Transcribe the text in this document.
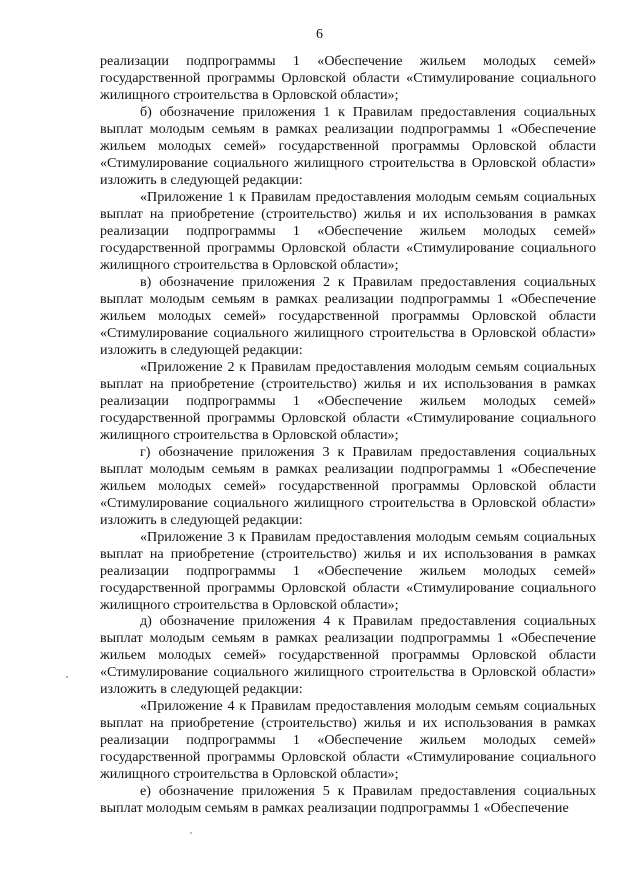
6

реализации подпрограммы 1 «Обеспечение жильем молодых семей» государственной программы Орловской области «Стимулирование социального жилищного строительства в Орловской области»;

б) обозначение приложения 1 к Правилам предоставления социальных выплат молодым семьям в рамках реализации подпрограммы 1 «Обеспечение жильем молодых семей» государственной программы Орловской области «Стимулирование социального жилищного строительства в Орловской области» изложить в следующей редакции:

«Приложение 1 к Правилам предоставления молодым семьям социальных выплат на приобретение (строительство) жилья и их использования в рамках реализации подпрограммы 1 «Обеспечение жильем молодых семей» государственной программы Орловской области «Стимулирование социального жилищного строительства в Орловской области»;

в) обозначение приложения 2 к Правилам предоставления социальных выплат молодым семьям в рамках реализации подпрограммы 1 «Обеспечение жильем молодых семей» государственной программы Орловской области «Стимулирование социального жилищного строительства в Орловской области» изложить в следующей редакции:

«Приложение 2 к Правилам предоставления молодым семьям социальных выплат на приобретение (строительство) жилья и их использования в рамках реализации подпрограммы 1 «Обеспечение жильем молодых семей» государственной программы Орловской области «Стимулирование социального жилищного строительства в Орловской области»;

г) обозначение приложения 3 к Правилам предоставления социальных выплат молодым семьям в рамках реализации подпрограммы 1 «Обеспечение жильем молодых семей» государственной программы Орловской области «Стимулирование социального жилищного строительства в Орловской области» изложить в следующей редакции:

«Приложение 3 к Правилам предоставления молодым семьям социальных выплат на приобретение (строительство) жилья и их использования в рамках реализации подпрограммы 1 «Обеспечение жильем молодых семей» государственной программы Орловской области «Стимулирование социального жилищного строительства в Орловской области»;

д) обозначение приложения 4 к Правилам предоставления социальных выплат молодым семьям в рамках реализации подпрограммы 1 «Обеспечение жильем молодых семей» государственной программы Орловской области «Стимулирование социального жилищного строительства в Орловской области» изложить в следующей редакции:

«Приложение 4 к Правилам предоставления молодым семьям социальных выплат на приобретение (строительство) жилья и их использования в рамках реализации подпрограммы 1 «Обеспечение жильем молодых семей» государственной программы Орловской области «Стимулирование социального жилищного строительства в Орловской области»;

е) обозначение приложения 5 к Правилам предоставления социальных выплат молодым семьям в рамках реализации подпрограммы 1 «Обеспечение
